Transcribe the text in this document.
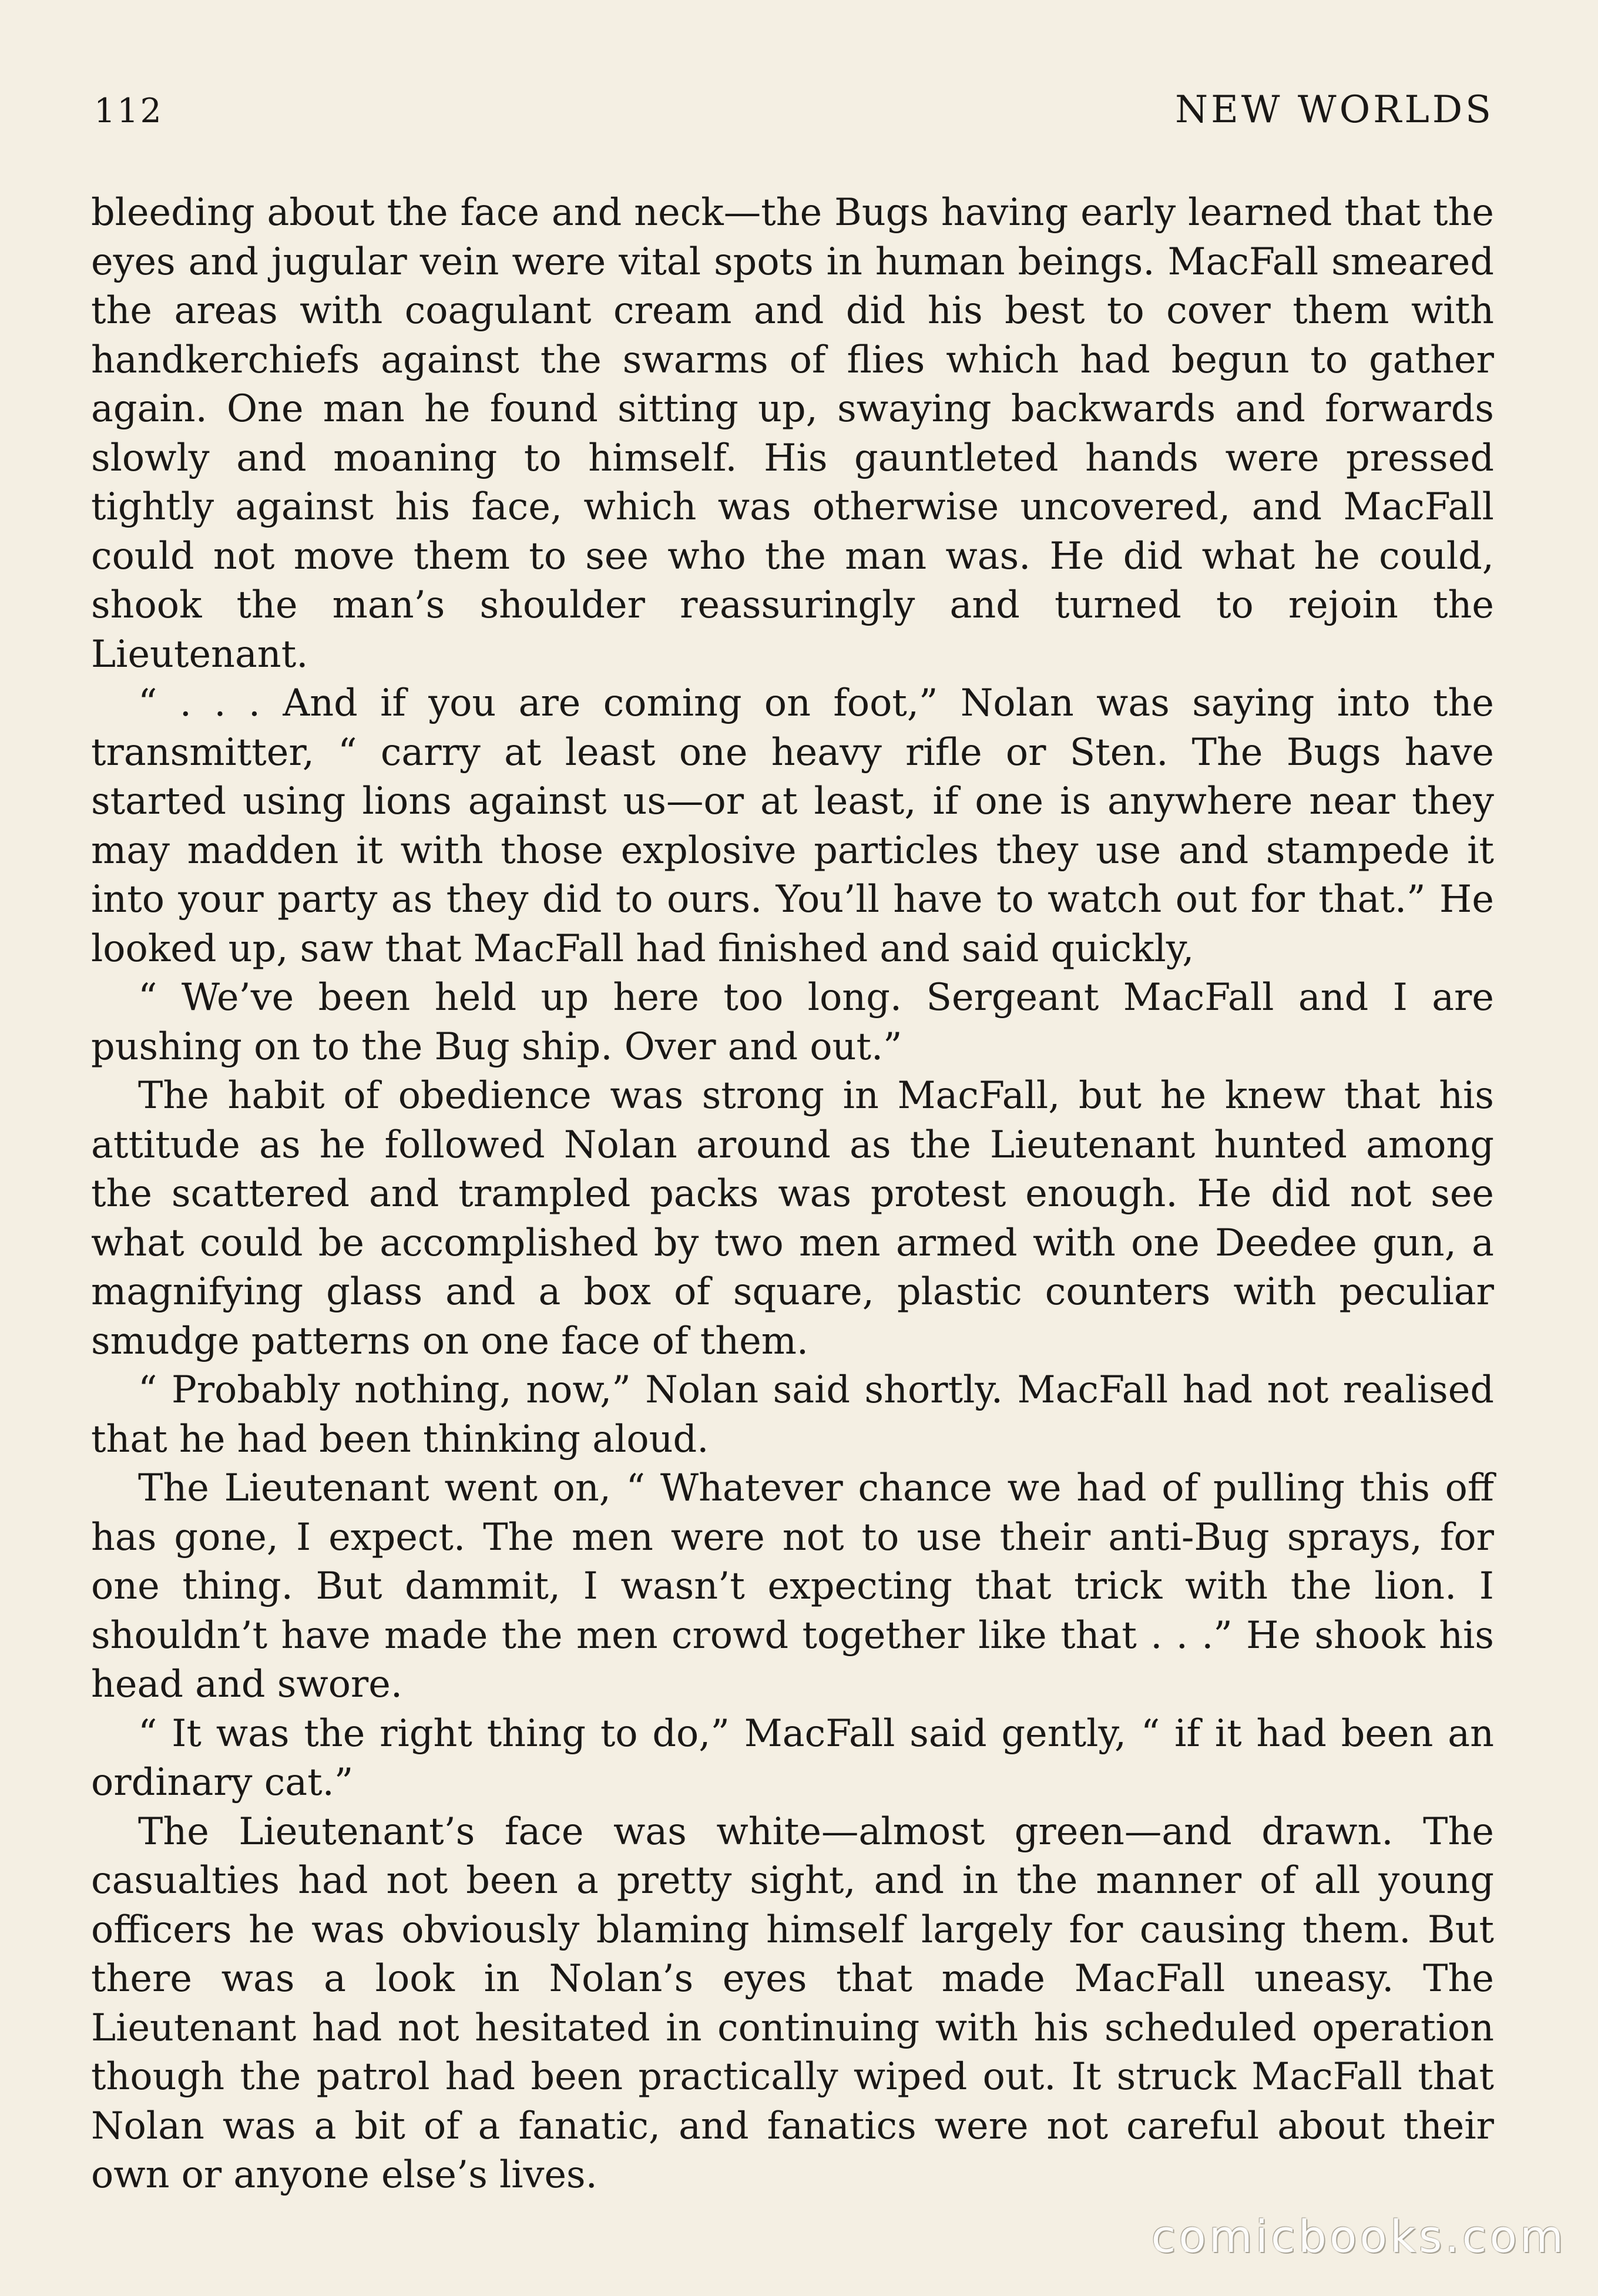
112	NEW WORLDS

bleeding about the face and neck—the Bugs having early learned that the eyes and jugular vein were vital spots in human beings. MacFall smeared the areas with coagulant cream and did his best to cover them with handkerchiefs against the swarms of flies which had begun to gather again. One man he found sitting up, swaying backwards and forwards slowly and moaning to himself. His gauntleted hands were pressed tightly against his face, which was otherwise uncovered, and MacFall could not move them to see who the man was. He did what he could, shook the man’s shoulder reassuringly and turned to rejoin the Lieutenant.

“ . . . And if you are coming on foot,” Nolan was saying into the transmitter, “ carry at least one heavy rifle or Sten. The Bugs have started using lions against us—or at least, if one is anywhere near they may madden it with those explosive particles they use and stampede it into your party as they did to ours. You’ll have to watch out for that.” He looked up, saw that MacFall had finished and said quickly,

“ We’ve been held up here too long. Sergeant MacFall and I are pushing on to the Bug ship. Over and out.”

The habit of obedience was strong in MacFall, but he knew that his attitude as he followed Nolan around as the Lieutenant hunted among the scattered and trampled packs was protest enough. He did not see what could be accomplished by two men armed with one Deedee gun, a magnifying glass and a box of square, plastic counters with peculiar smudge patterns on one face of them.

“ Probably nothing, now,” Nolan said shortly. MacFall had not realised that he had been thinking aloud.

The Lieutenant went on, “ Whatever chance we had of pulling this off has gone, I expect. The men were not to use their anti-Bug sprays, for one thing. But dammit, I wasn’t expecting that trick with the lion. I shouldn’t have made the men crowd together like that . . .” He shook his head and swore.

“ It was the right thing to do,” MacFall said gently, “ if it had been an ordinary cat.”

The Lieutenant’s face was white—almost green—and drawn. The casualties had not been a pretty sight, and in the manner of all young officers he was obviously blaming himself largely for causing them. But there was a look in Nolan’s eyes that made MacFall uneasy. The Lieutenant had not hesitated in continuing with his scheduled operation though the patrol had been practically wiped out. It struck MacFall that Nolan was a bit of a fanatic, and fanatics were not careful about their own or anyone else’s lives.

comicbooks.com
